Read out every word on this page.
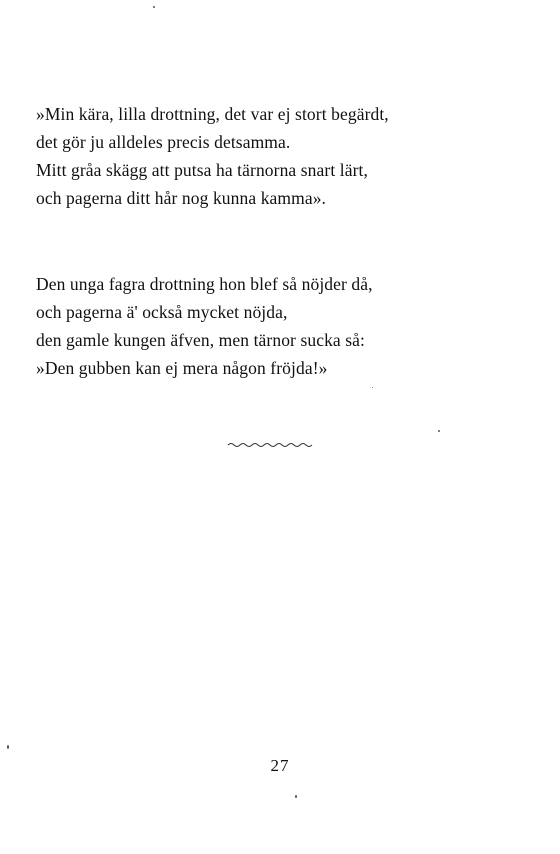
»Min kära, lilla drottning, det var ej stort begärdt,
det gör ju alldeles precis detsamma.
Mitt gråa skägg att putsa ha tärnorna snart lärt,
och pagerna ditt hår nog kunna kamma».
Den unga fagra drottning hon blef så nöjder då,
och pagerna ä' också mycket nöjda,
den gamle kungen äfven, men tärnor sucka så:
»Den gubben kan ej mera någon fröjda!»
27
